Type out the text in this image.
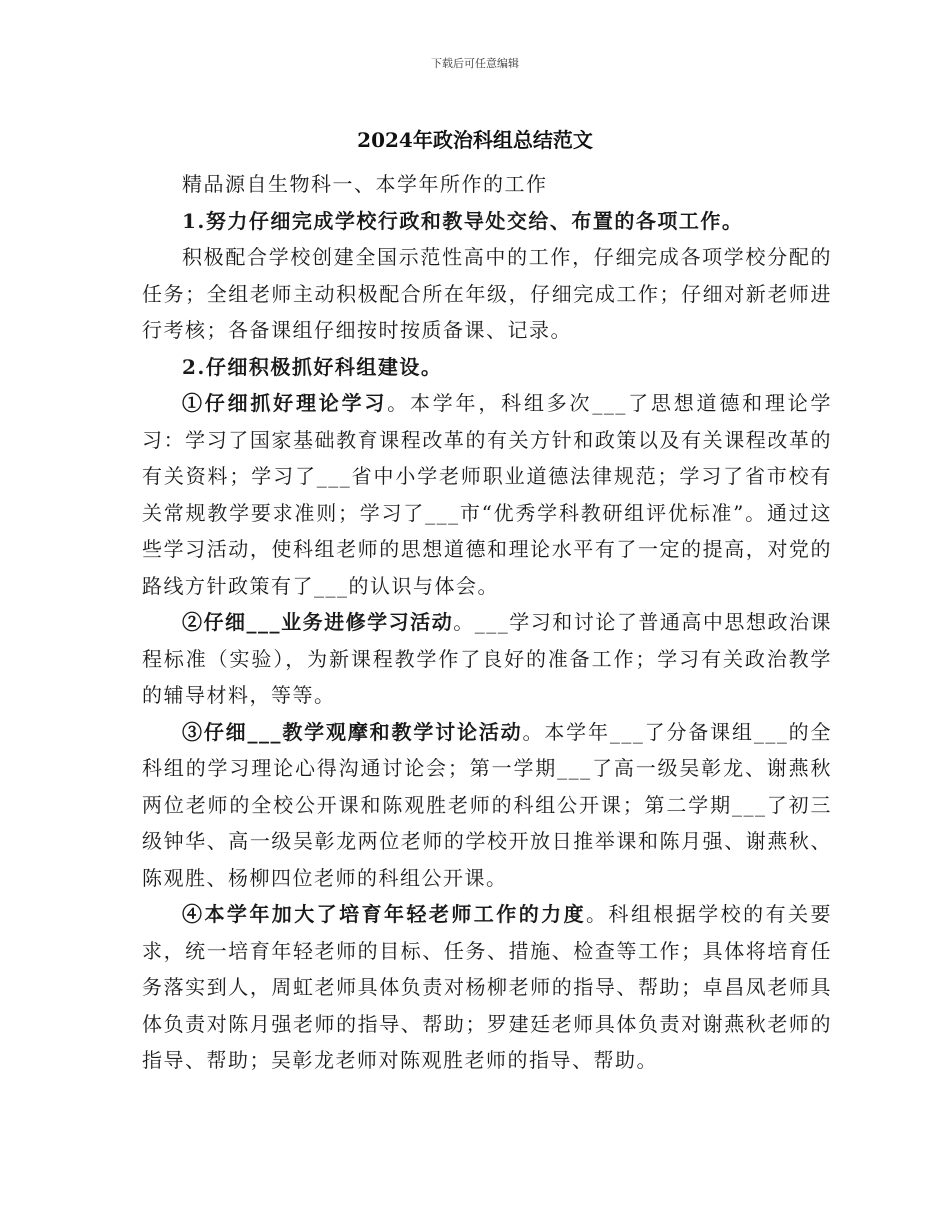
下载后可任意编辑
2024年政治科组总结范文

精品源自生物科一、本学年所作的工作

1.努力仔细完成学校行政和教导处交给、布置的各项工作。

积极配合学校创建全国示范性高中的工作，仔细完成各项学校分配的任务；全组老师主动积极配合所在年级，仔细完成工作；仔细对新老师进行考核；各备课组仔细按时按质备课、记录。

2.仔细积极抓好科组建设。

①仔细抓好理论学习。本学年，科组多次___了思想道德和理论学习：学习了国家基础教育课程改革的有关方针和政策以及有关课程改革的有关资料；学习了___省中小学老师职业道德法律规范；学习了省市校有关常规教学要求准则；学习了___市“优秀学科教研组评优标准”。通过这些学习活动，使科组老师的思想道德和理论水平有了一定的提高，对党的路线方针政策有了___的认识与体会。

②仔细___业务进修学习活动。___学习和讨论了普通高中思想政治课程标准（实验），为新课程教学作了良好的准备工作；学习有关政治教学的辅导材料，等等。

③仔细___教学观摩和教学讨论活动。本学年___了分备课组___的全科组的学习理论心得沟通讨论会；第一学期___了高一级吴彰龙、谢燕秋两位老师的全校公开课和陈观胜老师的科组公开课；第二学期___了初三级钟华、高一级吴彰龙两位老师的学校开放日推举课和陈月强、谢燕秋、陈观胜、杨柳四位老师的科组公开课。

④本学年加大了培育年轻老师工作的力度。科组根据学校的有关要求，统一培育年轻老师的目标、任务、措施、检查等工作；具体将培育任务落实到人，周虹老师具体负责对杨柳老师的指导、帮助；卓昌凤老师具体负责对陈月强老师的指导、帮助；罗建廷老师具体负责对谢燕秋老师的指导、帮助；吴彰龙老师对陈观胜老师的指导、帮助。
